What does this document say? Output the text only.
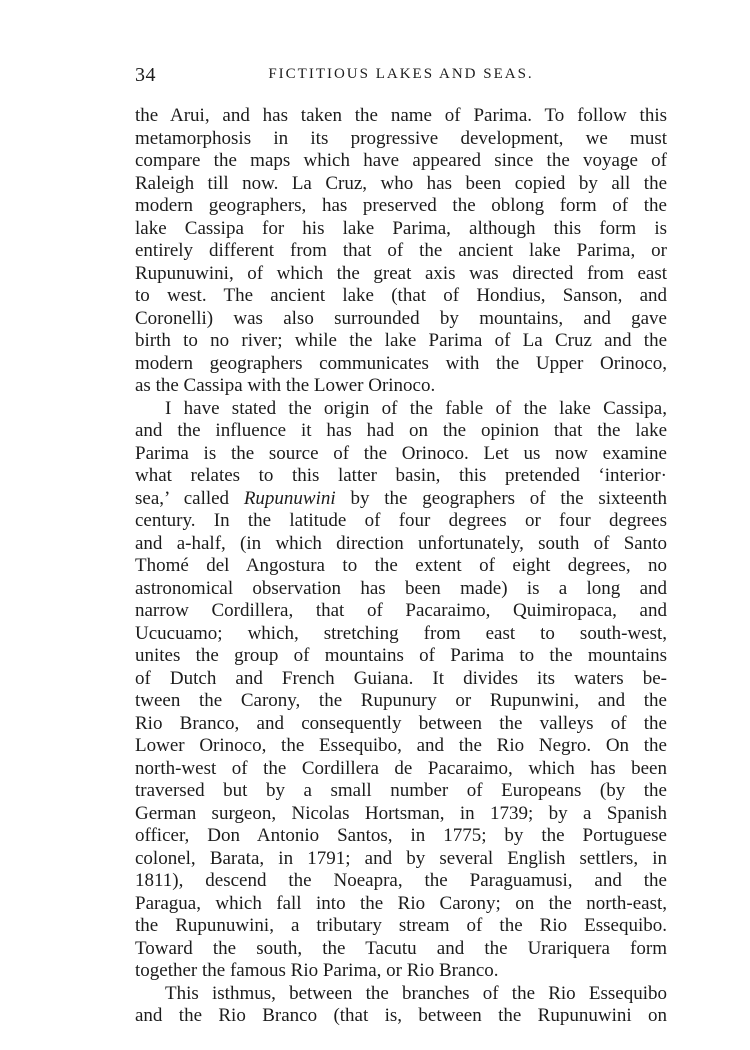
34	FICTITIOUS LAKES AND SEAS.
the Arui, and has taken the name of Parima. To follow this
metamorphosis in its progressive development, we must
compare the maps which have appeared since the voyage of
Raleigh till now. La Cruz, who has been copied by all the
modern geographers, has preserved the oblong form of the
lake Cassipa for his lake Parima, although this form is
entirely different from that of the ancient lake Parima, or
Rupunuwini, of which the great axis was directed from east
to west. The ancient lake (that of Hondius, Sanson, and
Coronelli) was also surrounded by mountains, and gave
birth to no river; while the lake Parima of La Cruz and the
modern geographers communicates with the Upper Orinoco,
as the Cassipa with the Lower Orinoco.
I have stated the origin of the fable of the lake Cassipa,
and the influence it has had on the opinion that the lake
Parima is the source of the Orinoco. Let us now examine
what relates to this latter basin, this pretended ‘interior·
sea,’ called Rupunuwini by the geographers of the sixteenth
century. In the latitude of four degrees or four degrees
and a-half, (in which direction unfortunately, south of Santo
Thomé del Angostura to the extent of eight degrees, no
astronomical observation has been made) is a long and
narrow Cordillera, that of Pacaraimo, Quimiropaca, and
Ucucuamo; which, stretching from east to south-west,
unites the group of mountains of Parima to the mountains
of Dutch and French Guiana. It divides its waters be-
tween the Carony, the Rupunury or Rupunwini, and the
Rio Branco, and consequently between the valleys of the
Lower Orinoco, the Essequibo, and the Rio Negro. On the
north-west of the Cordillera de Pacaraimo, which has been
traversed but by a small number of Europeans (by the
German surgeon, Nicolas Hortsman, in 1739; by a Spanish
officer, Don Antonio Santos, in 1775; by the Portuguese
colonel, Barata, in 1791; and by several English settlers, in
1811), descend the Noeapra, the Paraguamusi, and the
Paragua, which fall into the Rio Carony; on the north-east,
the Rupunuwini, a tributary stream of the Rio Essequibo.
Toward the south, the Tacutu and the Urariquera form
together the famous Rio Parima, or Rio Branco.
This isthmus, between the branches of the Rio Essequibo
and the Rio Branco (that is, between the Rupunuwini on
